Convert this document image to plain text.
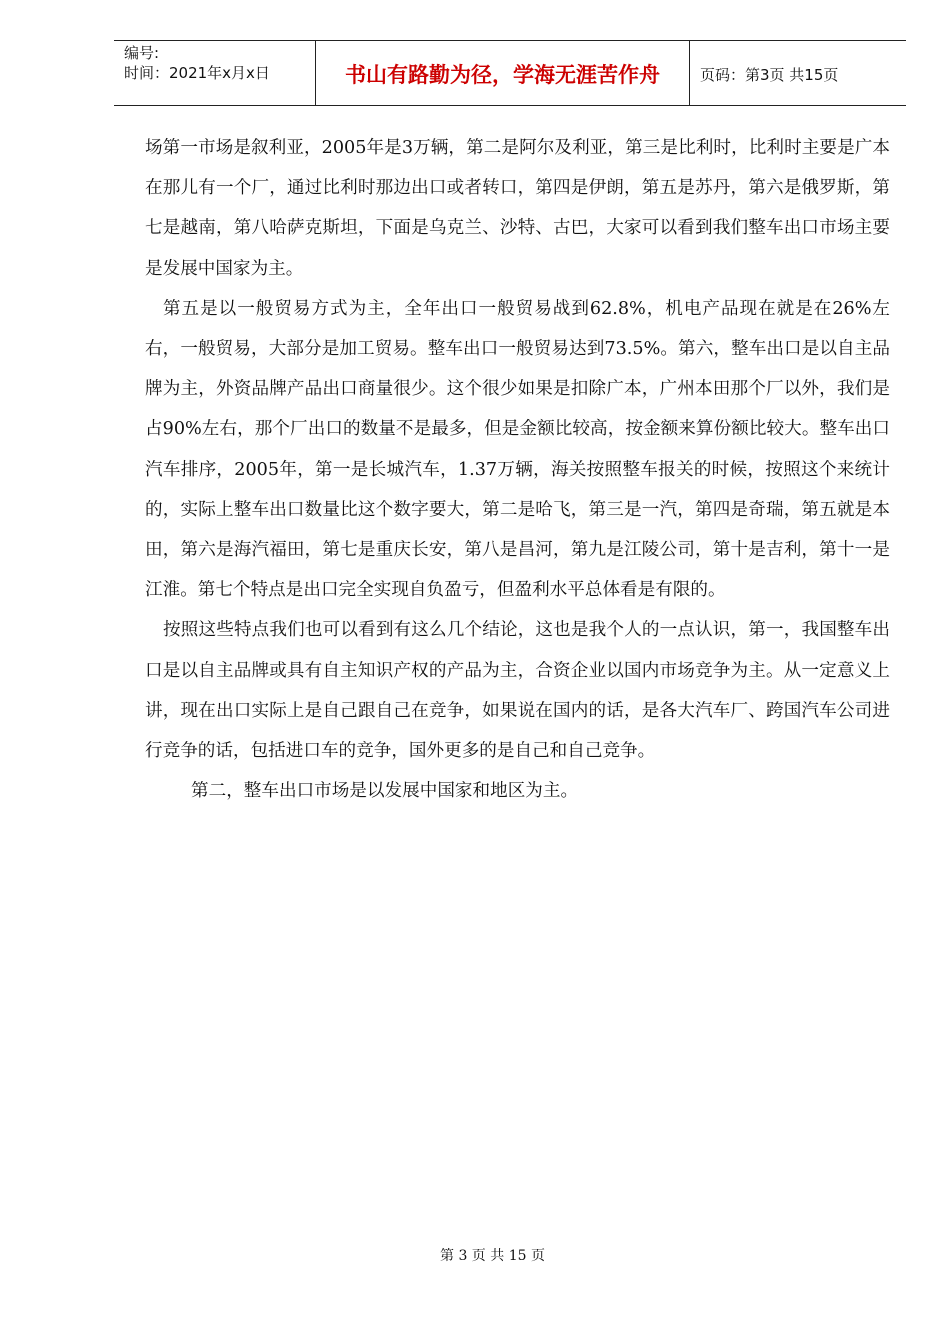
编号:
时间：2021年x月x日	书山有路勤为径，学海无涯苦作舟	页码：第3页 共15页

场第一市场是叙利亚，2005年是3万辆，第二是阿尔及利亚，第三是比利时，比利时主要是广本在那儿有一个厂，通过比利时那边出口或者转口，第四是伊朗，第五是苏丹，第六是俄罗斯，第七是越南，第八哈萨克斯坦，下面是乌克兰、沙特、古巴，大家可以看到我们整车出口市场主要是发展中国家为主。

第五是以一般贸易方式为主，全年出口一般贸易战到62.8%，机电产品现在就是在26%左右，一般贸易，大部分是加工贸易。整车出口一般贸易达到73.5%。第六，整车出口是以自主品牌为主，外资品牌产品出口商量很少。这个很少如果是扣除广本，广州本田那个厂以外，我们是占90%左右，那个厂出口的数量不是最多，但是金额比较高，按金额来算份额比较大。整车出口汽车排序，2005年，第一是长城汽车，1.37万辆，海关按照整车报关的时候，按照这个来统计的，实际上整车出口数量比这个数字要大，第二是哈飞，第三是一汽，第四是奇瑞，第五就是本田，第六是海汽福田，第七是重庆长安，第八是昌河，第九是江陵公司，第十是吉利，第十一是江淮。第七个特点是出口完全实现自负盈亏，但盈利水平总体看是有限的。

按照这些特点我们也可以看到有这么几个结论，这也是我个人的一点认识，第一，我国整车出口是以自主品牌或具有自主知识产权的产品为主，合资企业以国内市场竞争为主。从一定意义上讲，现在出口实际上是自己跟自己在竞争，如果说在国内的话，是各大汽车厂、跨国汽车公司进行竞争的话，包括进口车的竞争，国外更多的是自己和自己竞争。

第二，整车出口市场是以发展中国家和地区为主。

第 3 页 共 15 页
